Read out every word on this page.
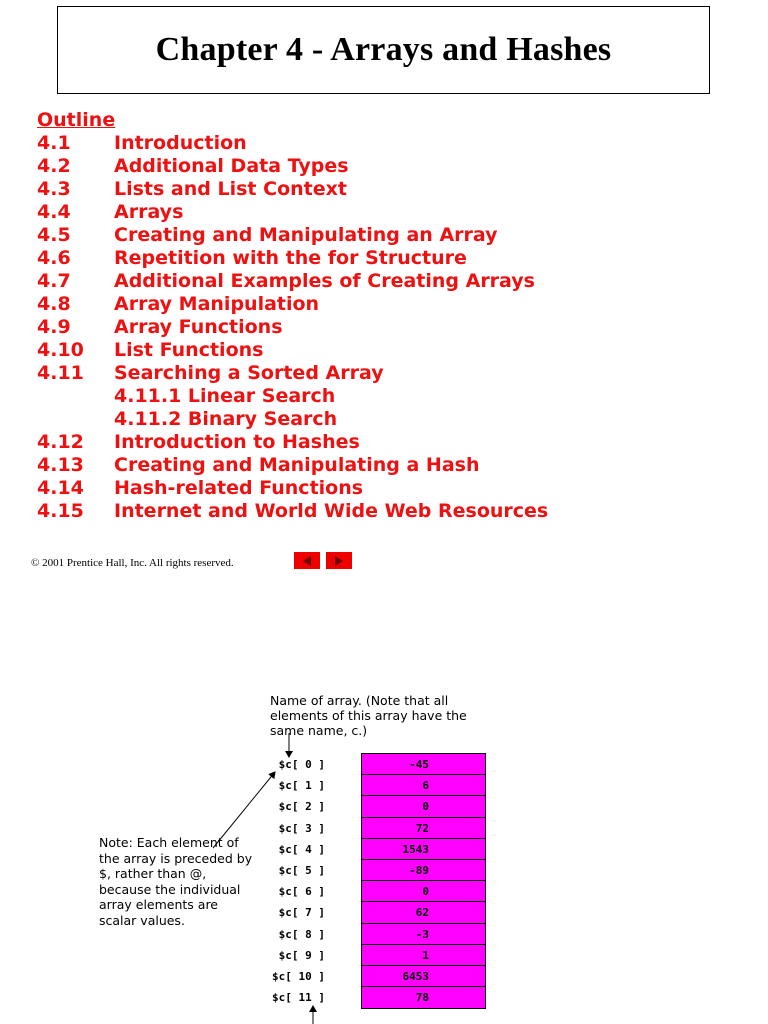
Chapter 4 - Arrays and Hashes
Outline
4.1 Introduction
4.2 Additional Data Types
4.3 Lists and List Context
4.4 Arrays
4.5 Creating and Manipulating an Array
4.6 Repetition with the for Structure
4.7 Additional Examples of Creating Arrays
4.8 Array Manipulation
4.9 Array Functions
4.10 List Functions
4.11 Searching a Sorted Array
4.11.1 Linear Search
4.11.2 Binary Search
4.12 Introduction to Hashes
4.13 Creating and Manipulating a Hash
4.14 Hash-related Functions
4.15 Internet and World Wide Web Resources
© 2001 Prentice Hall, Inc. All rights reserved.
Name of array. (Note that all elements of this array have the same name, c.)
Note: Each element of the array is preceded by $, rather than @, because the individual array elements are scalar values.
$c[ 0 ]
$c[ 1 ]
$c[ 2 ]
$c[ 3 ]
$c[ 4 ]
$c[ 5 ]
$c[ 6 ]
$c[ 7 ]
$c[ 8 ]
$c[ 9 ]
$c[ 10 ]
$c[ 11 ]
-45
6
0
72
1543
-89
0
62
-3
1
6453
78
